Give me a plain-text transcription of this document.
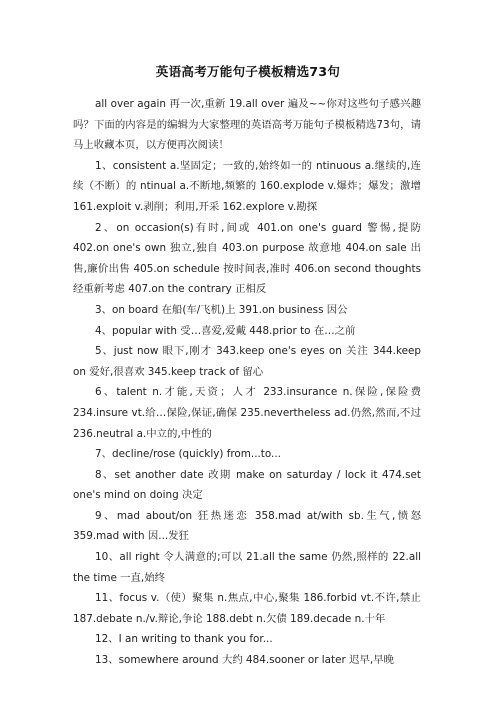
英语高考万能句子模板精选73句

all over again 再一次,重新 19.all over 遍及~~你对这些句子感兴趣吗？下面的内容是的编辑为大家整理的英语高考万能句子模板精选73句，请马上收藏本页，以方便再次阅读！

1、consistent a.坚固定；一致的,始终如一的 ntinuous a.继续的,连续（不断）的 ntinual a.不断地,频繁的 160.explode v.爆炸；爆发；激增 161.exploit v.剥削；利用,开采 162.explore v.勘探

2、on occasion(s)有时,间或 401.on one's guard 警惕,提防 402.on one's own 独立,独自 403.on purpose 故意地 404.on sale 出售,廉价出售 405.on schedule 按时间表,准时 406.on second thoughts 经重新考虑 407.on the contrary 正相反

3、on board 在船(车/飞机)上 391.on business 因公

4、popular with 受…喜爱,爱戴 448.prior to 在…之前

5、just now 眼下,刚才 343.keep one's eyes on 关注 344.keep on 爱好,很喜欢 345.keep track of 留心

6、talent n.才能,天资；人才 233.insurance n.保险,保险费 234.insure vt.给…保险,保证,确保 235.nevertheless ad.仍然,然而,不过 236.neutral a.中立的,中性的

7、decline/rose (quickly) from...to...

8、set another date 改期 make on saturday / lock it 474.set one's mind on doing 决定

9、mad about/on 狂热迷恋 358.mad at/with sb.生气,愤怒 359.mad with 因...发狂

10、all right 令人满意的;可以 21.all the same 仍然,照样的 22.all the time 一直,始终

11、focus v.（使）聚集 n.焦点,中心,聚集 186.forbid vt.不许,禁止 187.debate n./v.辩论,争论 188.debt n.欠债 189.decade n.十年

12、I an writing to thank you for...

13、somewhere around 大约 484.sooner or later 迟早,早晚
